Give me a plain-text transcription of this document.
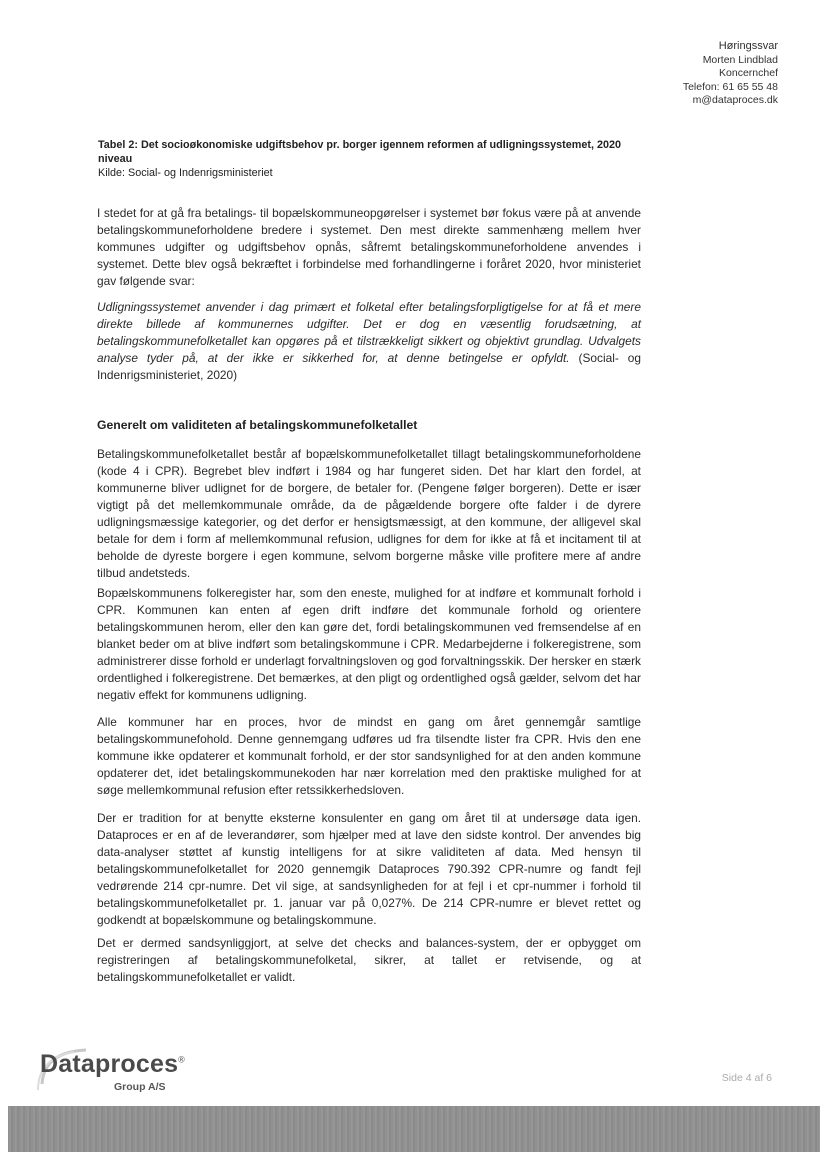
Høringssvar
Morten Lindblad
Koncernchef
Telefon: 61 65 55 48
m@dataproces.dk
Tabel 2: Det socioøkonomiske udgiftsbehov pr. borger igennem reformen af udligningssystemet, 2020 niveau
Kilde: Social- og Indenrigsministeriet

I stedet for at gå fra betalings- til bopælskommuneopgørelser i systemet bør fokus være på at anvende betalingskommuneforholdene bredere i systemet. Den mest direkte sammenhæng mellem hver kommunes udgifter og udgiftsbehov opnås, såfremt betalingskommuneforholdene anvendes i systemet. Dette blev også bekræftet i forbindelse med forhandlingerne i foråret 2020, hvor ministeriet gav følgende svar:

Udligningssystemet anvender i dag primært et folketal efter betalingsforpligtigelse for at få et mere direkte billede af kommunernes udgifter. Det er dog en væsentlig forudsætning, at betalingskommunefolketallet kan opgøres på et tilstrækkeligt sikkert og objektivt grundlag. Udvalgets analyse tyder på, at der ikke er sikkerhed for, at denne betingelse er opfyldt. (Social- og Indenrigsministeriet, 2020)

Generelt om validiteten af betalingskommunefolketallet

Betalingskommunefolketallet består af bopælskommunefolketallet tillagt betalingskommuneforholdene (kode 4 i CPR). Begrebet blev indført i 1984 og har fungeret siden. Det har klart den fordel, at kommunerne bliver udlignet for de borgere, de betaler for. (Pengene følger borgeren). Dette er især vigtigt på det mellemkommunale område, da de pågældende borgere ofte falder i de dyrere udligningsmæssige kategorier, og det derfor er hensigtsmæssigt, at den kommune, der alligevel skal betale for dem i form af mellemkommunal refusion, udlignes for dem for ikke at få et incitament til at beholde de dyreste borgere i egen kommune, selvom borgerne måske ville profitere mere af andre tilbud andetsteds.

Bopælskommunens folkeregister har, som den eneste, mulighed for at indføre et kommunalt forhold i CPR. Kommunen kan enten af egen drift indføre det kommunale forhold og orientere betalingskommunen herom, eller den kan gøre det, fordi betalingskommunen ved fremsendelse af en blanket beder om at blive indført som betalingskommune i CPR. Medarbejderne i folkeregistrene, som administrerer disse forhold er underlagt forvaltningsloven og god forvaltningsskik. Der hersker en stærk ordentlighed i folkeregistrene. Det bemærkes, at den pligt og ordentlighed også gælder, selvom det har negativ effekt for kommunens udligning.

Alle kommuner har en proces, hvor de mindst en gang om året gennemgår samtlige betalingskommunefohold. Denne gennemgang udføres ud fra tilsendte lister fra CPR. Hvis den ene kommune ikke opdaterer et kommunalt forhold, er der stor sandsynlighed for at den anden kommune opdaterer det, idet betalingskommunekoden har nær korrelation med den praktiske mulighed for at søge mellemkommunal refusion efter retssikkerhedsloven.

Der er tradition for at benytte eksterne konsulenter en gang om året til at undersøge data igen. Dataproces er en af de leverandører, som hjælper med at lave den sidste kontrol. Der anvendes big data-analyser støttet af kunstig intelligens for at sikre validiteten af data. Med hensyn til betalingskommunefolketallet for 2020 gennemgik Dataproces 790.392 CPR-numre og fandt fejl vedrørende 214 cpr-numre. Det vil sige, at sandsynligheden for at fejl i et cpr-nummer i forhold til betalingskommunefolketallet pr. 1. januar var på 0,027%. De 214 CPR-numre er blevet rettet og godkendt at bopælskommune og betalingskommune.

Det er dermed sandsynliggjort, at selve det checks and balances-system, der er opbygget om registreringen af betalingskommunefolketal, sikrer, at tallet er retvisende, og at betalingskommunefolketallet er validt.

Dataproces®
Group A/S
Side 4 af 6
